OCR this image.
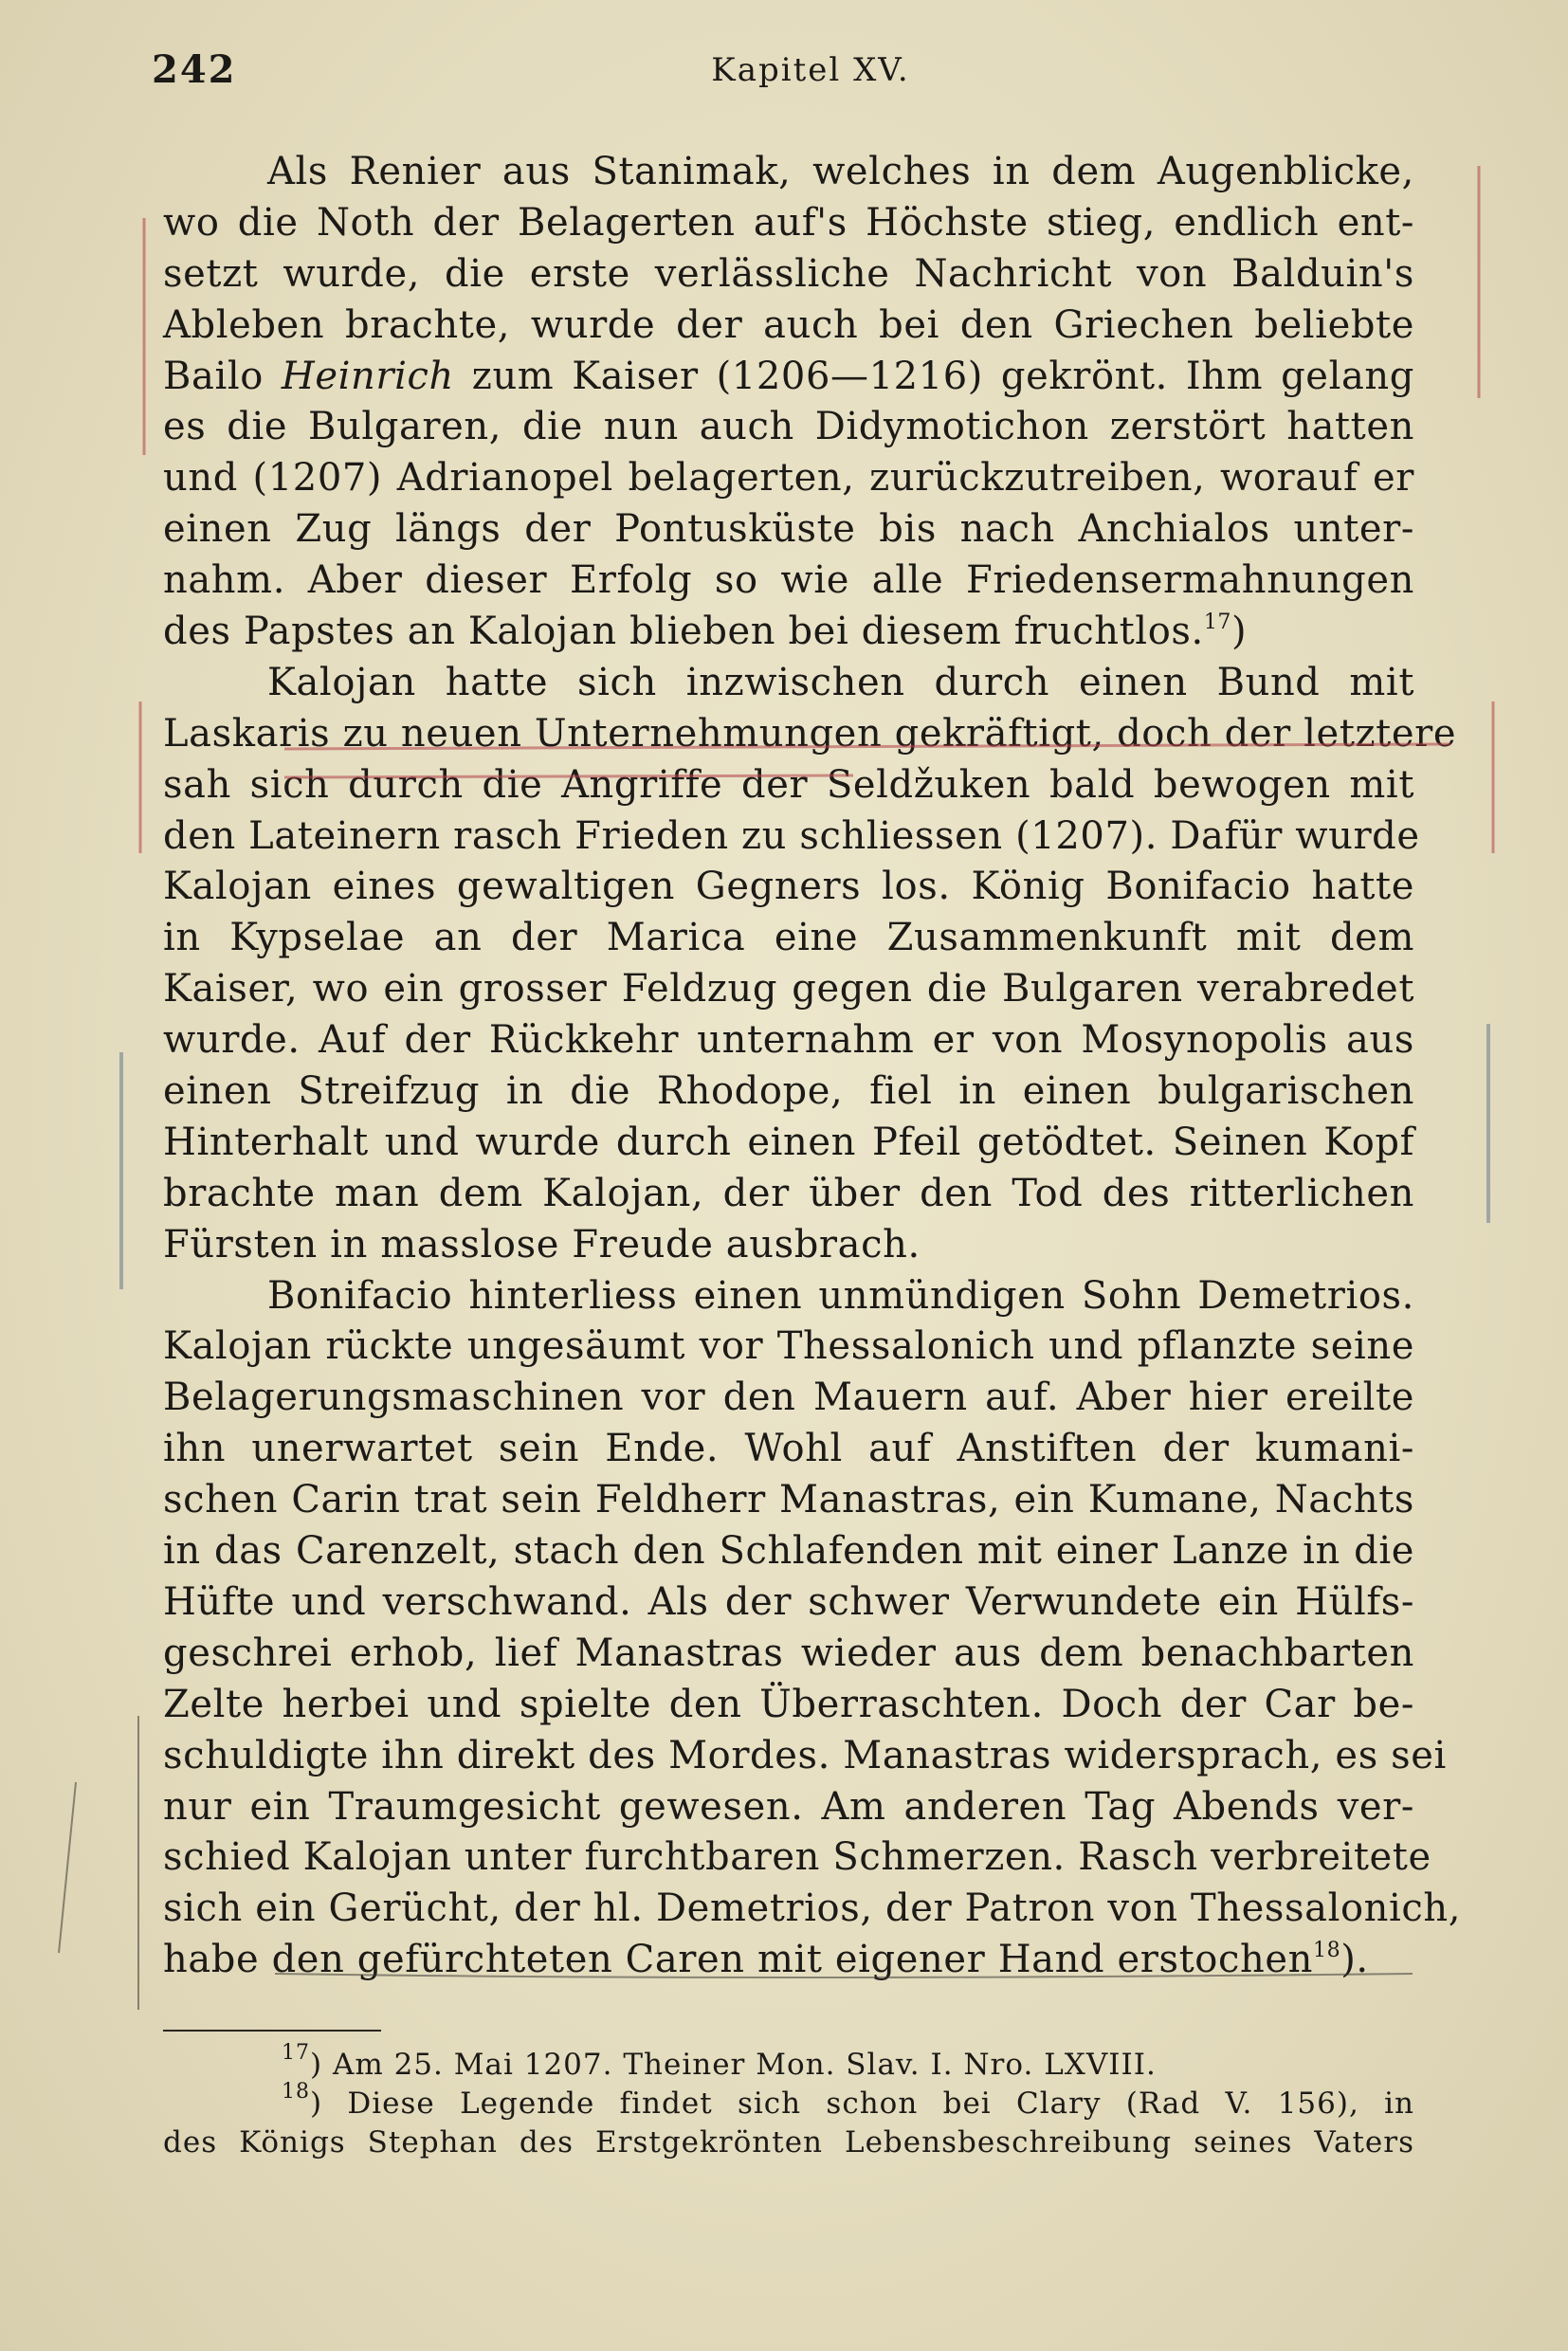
242	Kapitel XV.
Als Renier aus Stanimak, welches in dem Augenblicke,
wo die Noth der Belagerten auf's Höchste stieg, endlich ent-
setzt wurde, die erste verlässliche Nachricht von Balduin's
Ableben brachte, wurde der auch bei den Griechen beliebte
Bailo Heinrich zum Kaiser (1206—1216) gekrönt. Ihm gelang
es die Bulgaren, die nun auch Didymotichon zerstört hatten
und (1207) Adrianopel belagerten, zurückzutreiben, worauf er
einen Zug längs der Pontusküste bis nach Anchialos unter-
nahm. Aber dieser Erfolg so wie alle Friedensermahnungen
des Papstes an Kalojan blieben bei diesem fruchtlos.$^{17}$)
Kalojan hatte sich inzwischen durch einen Bund mit
Laskaris zu neuen Unternehmungen gekräftigt, doch der letztere
sah sich durch die Angriffe der Seldžuken bald bewogen mit
den Lateinern rasch Frieden zu schliessen (1207). Dafür wurde
Kalojan eines gewaltigen Gegners los. König Bonifacio hatte
in Kypselae an der Marica eine Zusammenkunft mit dem
Kaiser, wo ein grosser Feldzug gegen die Bulgaren verabredet
wurde. Auf der Rückkehr unternahm er von Mosynopolis aus
einen Streifzug in die Rhodope, fiel in einen bulgarischen
Hinterhalt und wurde durch einen Pfeil getödtet. Seinen Kopf
brachte man dem Kalojan, der über den Tod des ritterlichen
Fürsten in masslose Freude ausbrach.
Bonifacio hinterliess einen unmündigen Sohn Demetrios.
Kalojan rückte ungesäumt vor Thessalonich und pflanzte seine
Belagerungsmaschinen vor den Mauern auf. Aber hier ereilte
ihn unerwartet sein Ende. Wohl auf Anstiften der kumani-
schen Carin trat sein Feldherr Manastras, ein Kumane, Nachts
in das Carenzelt, stach den Schlafenden mit einer Lanze in die
Hüfte und verschwand. Als der schwer Verwundete ein Hülfs-
geschrei erhob, lief Manastras wieder aus dem benachbarten
Zelte herbei und spielte den Überraschten. Doch der Car be-
schuldigte ihn direkt des Mordes. Manastras widersprach, es sei
nur ein Traumgesicht gewesen. Am anderen Tag Abends ver-
schied Kalojan unter furchtbaren Schmerzen. Rasch verbreitete
sich ein Gerücht, der hl. Demetrios, der Patron von Thessalonich,
habe den gefürchteten Caren mit eigener Hand erstochen$^{18}$).
$^{17}$) Am 25. Mai 1207. Theiner Mon. Slav. I. Nro. LXVIII.
$^{18}$) Diese Legende findet sich schon bei Clary (Rad V. 156), in
des Königs Stephan des Erstgekrönten Lebensbeschreibung seines Vaters
